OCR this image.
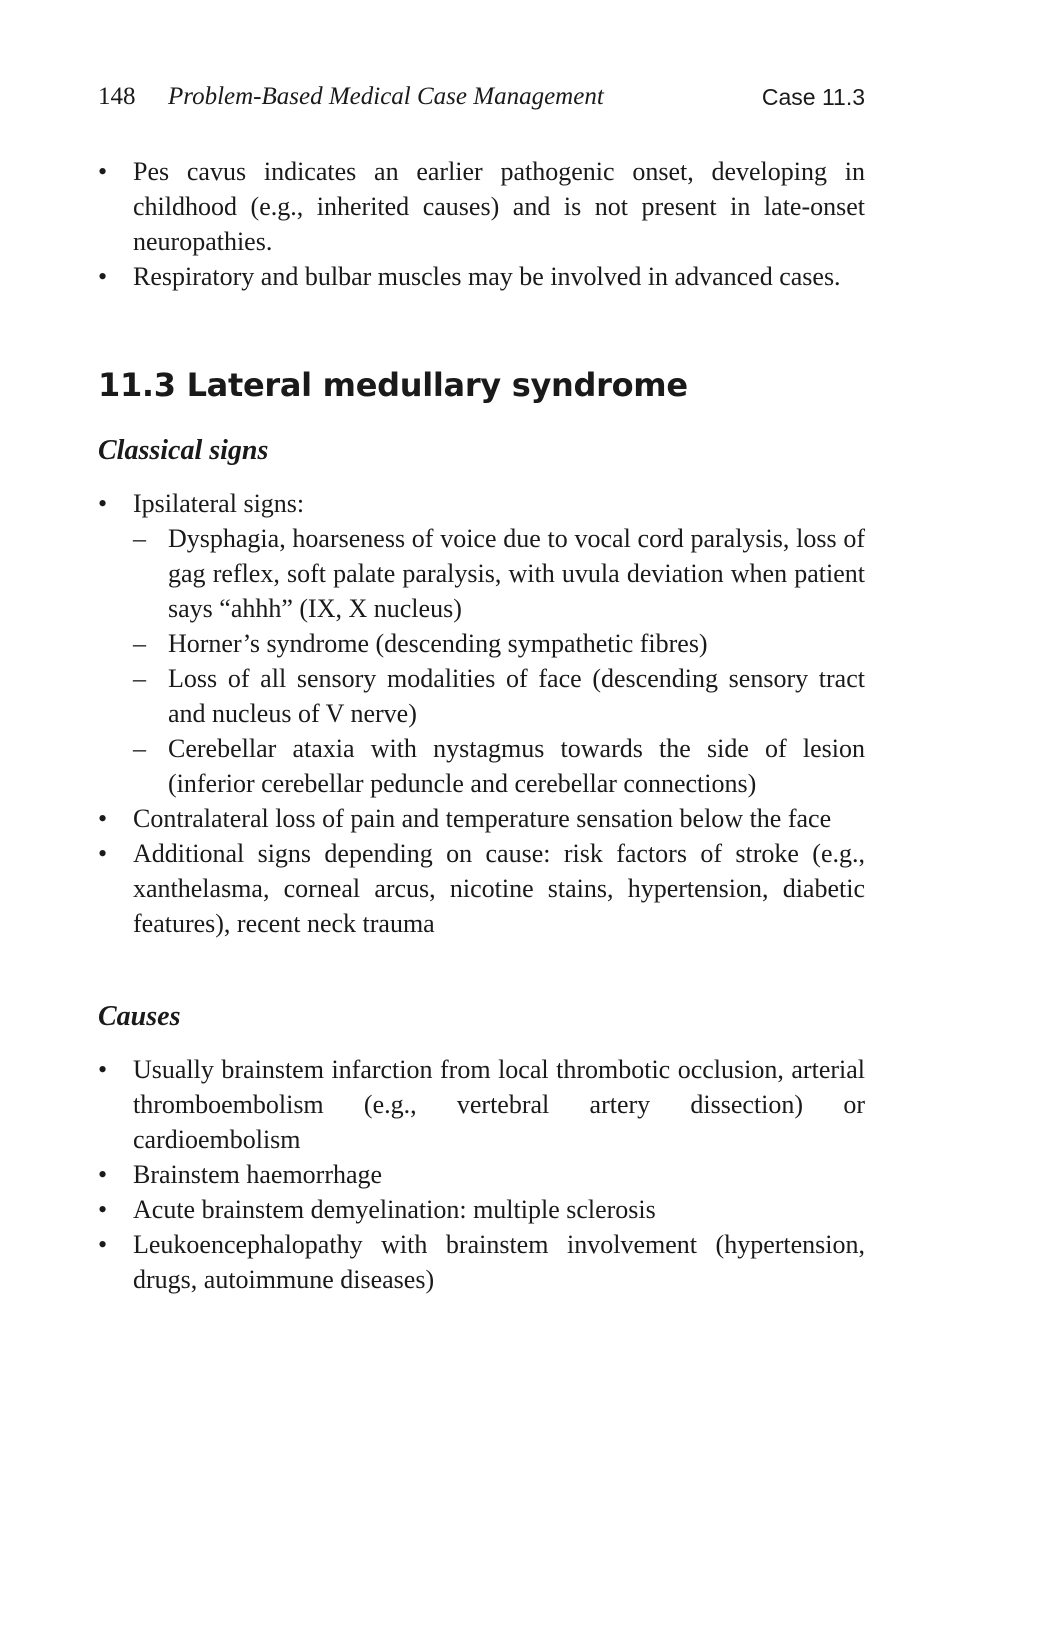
148 Problem-Based Medical Case Management	Case 11.3
• Pes cavus indicates an earlier pathogenic onset, developing in childhood (e.g., inherited causes) and is not present in late-onset neuropathies.
• Respiratory and bulbar muscles may be involved in advanced cases.
11.3 Lateral medullary syndrome
Classical signs
• Ipsilateral signs:
– Dysphagia, hoarseness of voice due to vocal cord paralysis, loss of gag reflex, soft palate paralysis, with uvula deviation when patient says “ahhh” (IX, X nucleus)
– Horner’s syndrome (descending sympathetic fibres)
– Loss of all sensory modalities of face (descending sensory tract and nucleus of V nerve)
– Cerebellar ataxia with nystagmus towards the side of lesion (inferior cerebellar peduncle and cerebellar connections)
• Contralateral loss of pain and temperature sensation below the face
• Additional signs depending on cause: risk factors of stroke (e.g., xanthelasma, corneal arcus, nicotine stains, hypertension, diabetic features), recent neck trauma
Causes
• Usually brainstem infarction from local thrombotic occlusion, arterial thromboembolism (e.g., vertebral artery dissection) or cardioembolism
• Brainstem haemorrhage
• Acute brainstem demyelination: multiple sclerosis
• Leukoencephalopathy with brainstem involvement (hypertension, drugs, autoimmune diseases)
